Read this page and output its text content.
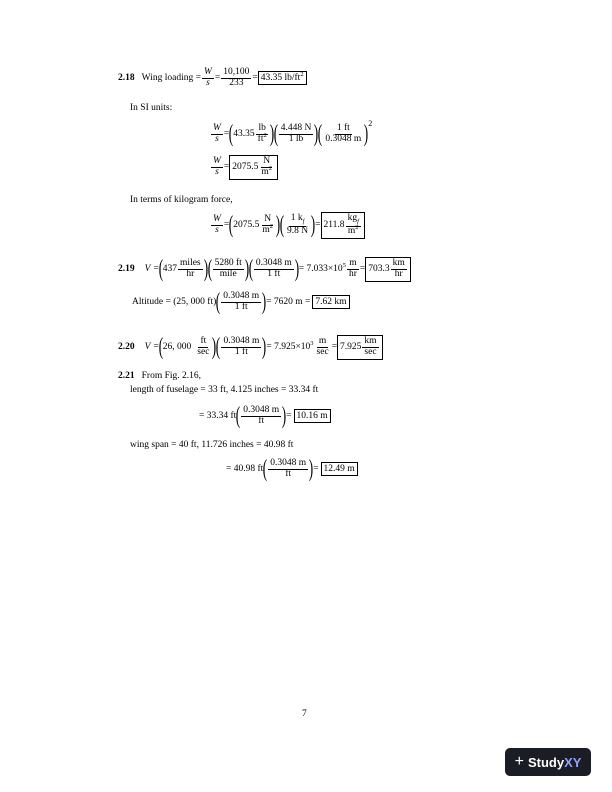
2.18 Wing loading = $\frac{W}{s} = \frac{10,100}{233} = 43.35$ $lb/ft^2$
In SI units:
$\frac{W}{s}$ = ( $43.35 \frac{lb}{ft^2}$ ) ( $\frac{4.448 N}{1 lb}$ ) ( $\frac{1 ft}{0.3048 m} )^2$
$\frac{W}{s} = 2075.5 \frac{N}{m^2}$
In terms of kilogram force,
$\frac{W}{s}$ = ( $2075.5 \frac{N}{m^2}$ ) ( $\frac{1 k_f}{9.8 N}$ ) = $211.8 \frac{kg_f}{m^2}$
2.19 V = ( $437 \frac{\text{miles}}{hr}$ ) ( $\frac{5280 ft}{\text{mile}}$ ) ( $\frac{0.3048 m}{1 ft}$ ) = $7.033\times 10^5 \frac{m}{hr} = 703.3 \frac{km}{hr}$
Altitude = (25, 000 ft) ( $\frac{0.3048 m}{1 ft}$ ) = 7620 m = 7.62 km
2.20 V = ( 26, $000 \frac{ft}{\sec}$ ) ( $\frac{0.3048 m}{1 ft}$ ) = $7.925\times 10^3 \frac{m}{\sec} = 7.925 \frac{km}{\sec}$
2.21 From Fig. 2.16,
length of fuselage = 33 ft, 4.125 inches = 33.34 ft
= 33.34 ft ( $\frac{0.3048 m}{ft}$ ) = 10.16 m
wing span = 40 ft, 11.726 inches = 40.98 ft
= 40.98 ft ( $\frac{0.3048 m}{ft}$ ) = 12.49 m
7
+ Study XY
